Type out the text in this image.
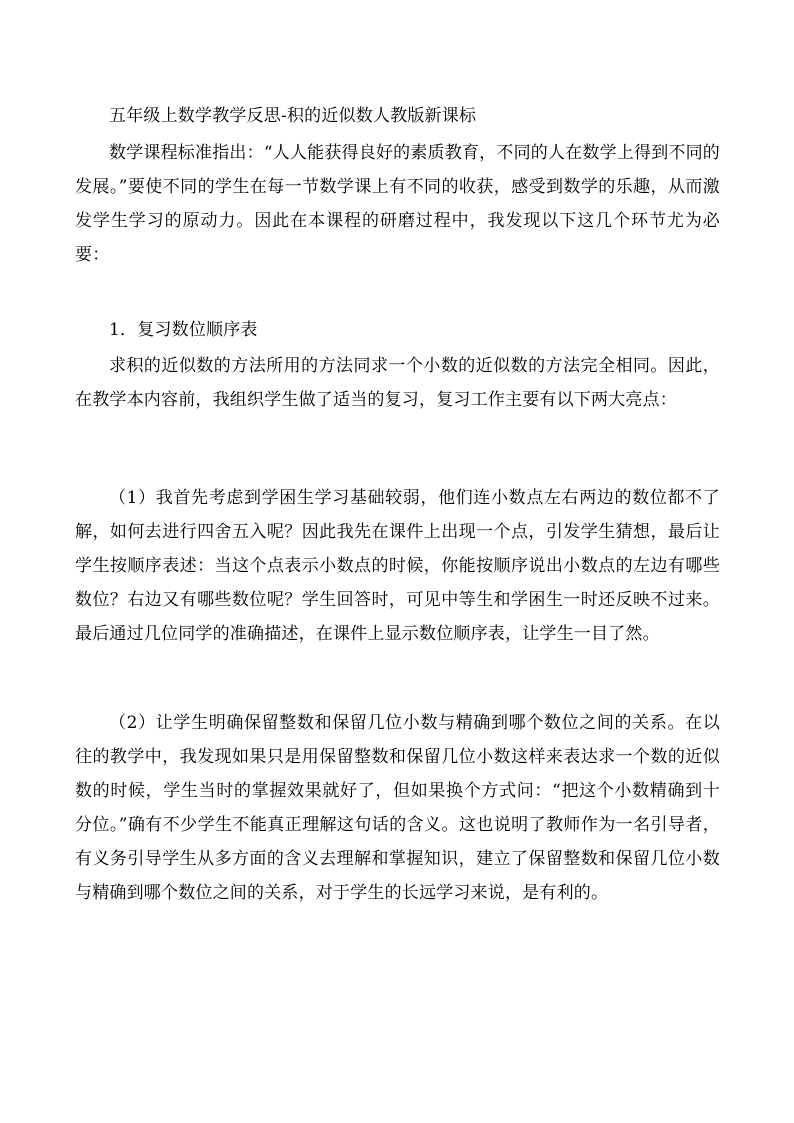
五年级上数学教学反思-积的近似数人教版新课标

数学课程标准指出：“人人能获得良好的素质教育，不同的人在数学上得到不同的发展。”要使不同的学生在每一节数学课上有不同的收获，感受到数学的乐趣，从而激发学生学习的原动力。因此在本课程的研磨过程中，我发现以下这几个环节尤为必要：

1．复习数位顺序表

求积的近似数的方法所用的方法同求一个小数的近似数的方法完全相同。因此，在教学本内容前，我组织学生做了适当的复习，复习工作主要有以下两大亮点：

（1）我首先考虑到学困生学习基础较弱，他们连小数点左右两边的数位都不了解，如何去进行四舍五入呢？因此我先在课件上出现一个点，引发学生猜想，最后让学生按顺序表述：当这个点表示小数点的时候，你能按顺序说出小数点的左边有哪些数位？右边又有哪些数位呢？学生回答时，可见中等生和学困生一时还反映不过来。最后通过几位同学的准确描述，在课件上显示数位顺序表，让学生一目了然。

（2）让学生明确保留整数和保留几位小数与精确到哪个数位之间的关系。在以往的教学中，我发现如果只是用保留整数和保留几位小数这样来表达求一个数的近似数的时候，学生当时的掌握效果就好了，但如果换个方式问：“把这个小数精确到十分位。”确有不少学生不能真正理解这句话的含义。这也说明了教师作为一名引导者，有义务引导学生从多方面的含义去理解和掌握知识，建立了保留整数和保留几位小数与精确到哪个数位之间的关系，对于学生的长远学习来说，是有利的。
